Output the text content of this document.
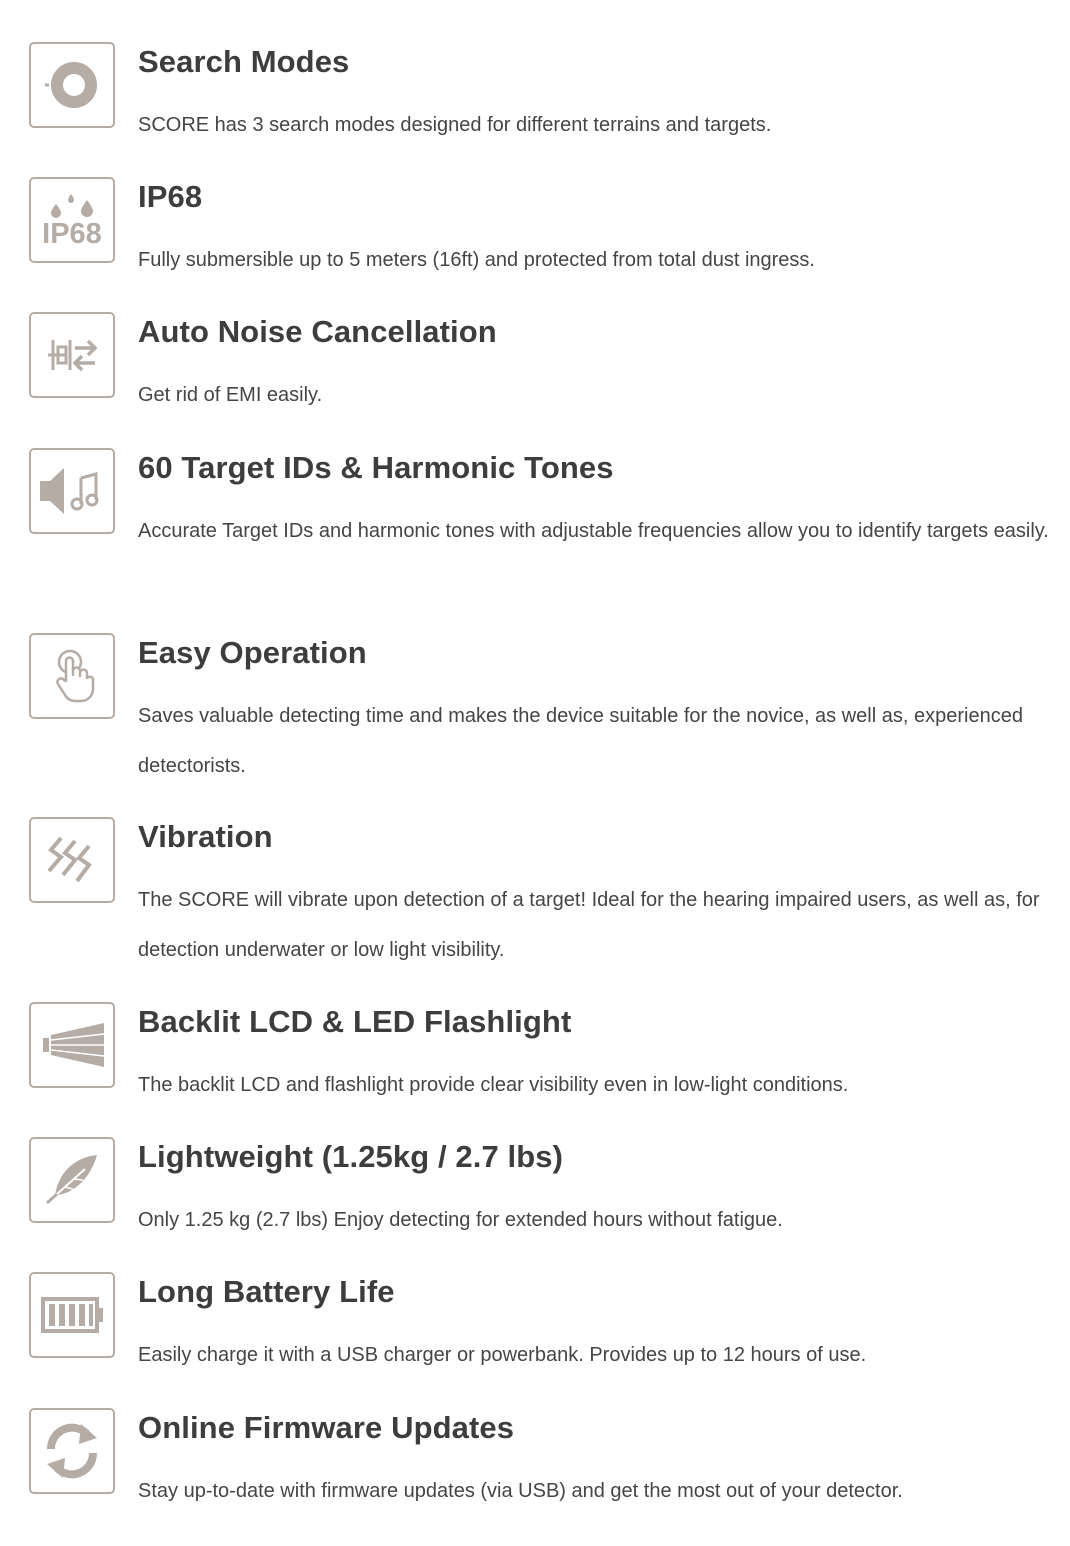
Search Modes

SCORE has 3 search modes designed for different terrains and targets.

IP68
IP68

Fully submersible up to 5 meters (16ft) and protected from total dust ingress.

Auto Noise Cancellation

Get rid of EMI easily.

60 Target IDs & Harmonic Tones

Accurate Target IDs and harmonic tones with adjustable frequencies allow you to identify targets easily.

Easy Operation

Saves valuable detecting time and makes the device suitable for the novice, as well as, experienced detectorists.

Vibration

The SCORE will vibrate upon detection of a target! Ideal for the hearing impaired users, as well as, for detection underwater or low light visibility.

Backlit LCD & LED Flashlight

The backlit LCD and flashlight provide clear visibility even in low-light conditions.

Lightweight (1.25kg / 2.7 lbs)

Only 1.25 kg (2.7 lbs) Enjoy detecting for extended hours without fatigue.

Long Battery Life

Easily charge it with a USB charger or powerbank. Provides up to 12 hours of use.

Online Firmware Updates

Stay up-to-date with firmware updates (via USB) and get the most out of your detector.
